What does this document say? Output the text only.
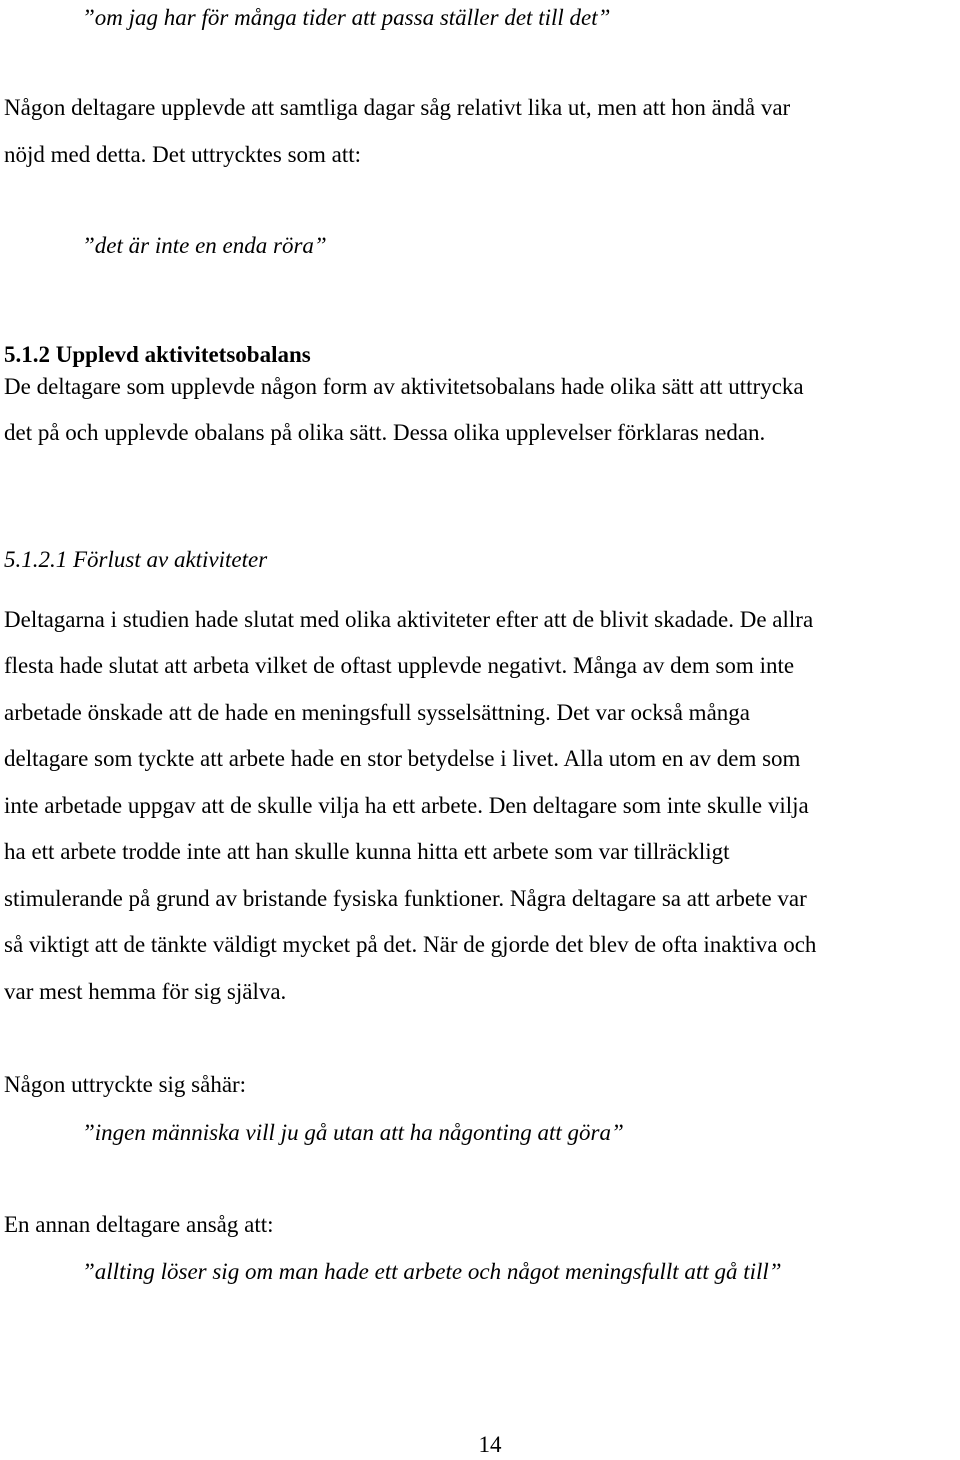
”om jag har för många tider att passa ställer det till det”
Någon deltagare upplevde att samtliga dagar såg relativt lika ut, men att hon ändå var
nöjd med detta. Det uttrycktes som att:
”det är inte en enda röra”
5.1.2 Upplevd aktivitetsobalans
De deltagare som upplevde någon form av aktivitetsobalans hade olika sätt att uttrycka
det på och upplevde obalans på olika sätt. Dessa olika upplevelser förklaras nedan.
5.1.2.1 Förlust av aktiviteter
Deltagarna i studien hade slutat med olika aktiviteter efter att de blivit skadade. De allra
flesta hade slutat att arbeta vilket de oftast upplevde negativt. Många av dem som inte
arbetade önskade att de hade en meningsfull sysselsättning. Det var också många
deltagare som tyckte att arbete hade en stor betydelse i livet. Alla utom en av dem som
inte arbetade uppgav att de skulle vilja ha ett arbete. Den deltagare som inte skulle vilja
ha ett arbete trodde inte att han skulle kunna hitta ett arbete som var tillräckligt
stimulerande på grund av bristande fysiska funktioner. Några deltagare sa att arbete var
så viktigt att de tänkte väldigt mycket på det. När de gjorde det blev de ofta inaktiva och
var mest hemma för sig själva.
Någon uttryckte sig såhär:
”ingen människa vill ju gå utan att ha någonting att göra”
En annan deltagare ansåg att:
”allting löser sig om man hade ett arbete och något meningsfullt att gå till”
14
